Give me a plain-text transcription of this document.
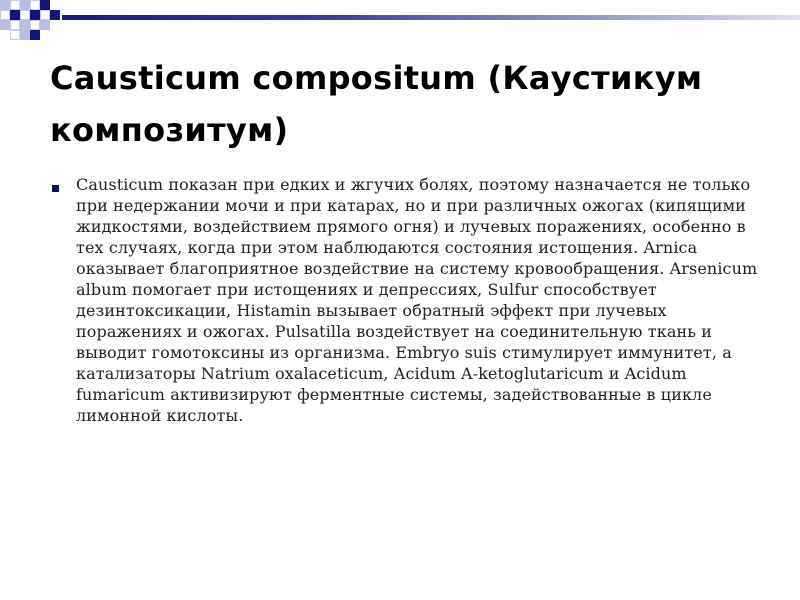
Causticum compositum (Каустикум композитум)

Causticum показан при едких и жгучих болях, поэтому назначается не только при недержании мочи и при катарах, но и при различных ожогах (кипящими жидкостями, воздействием прямого огня) и лучевых поражениях, особенно в тех случаях, когда при этом наблюдаются состояния истощения. Arnica оказывает благоприятное воздействие на систему кровообращения. Arsenicum album помогает при истощениях и депрессиях, Sulfur способствует дезинтоксикации, Histamin вызывает обратный эффект при лучевых поражениях и ожогах. Pulsatilla воздействует на соединительную ткань и выводит гомотоксины из организма. Embryo suis стимулирует иммунитет, а катализаторы Natrium oxalaceticum, Acidum A-ketoglutaricum и Acidum fumaricum активизируют ферментные системы, задействованные в цикле лимонной кислоты.
